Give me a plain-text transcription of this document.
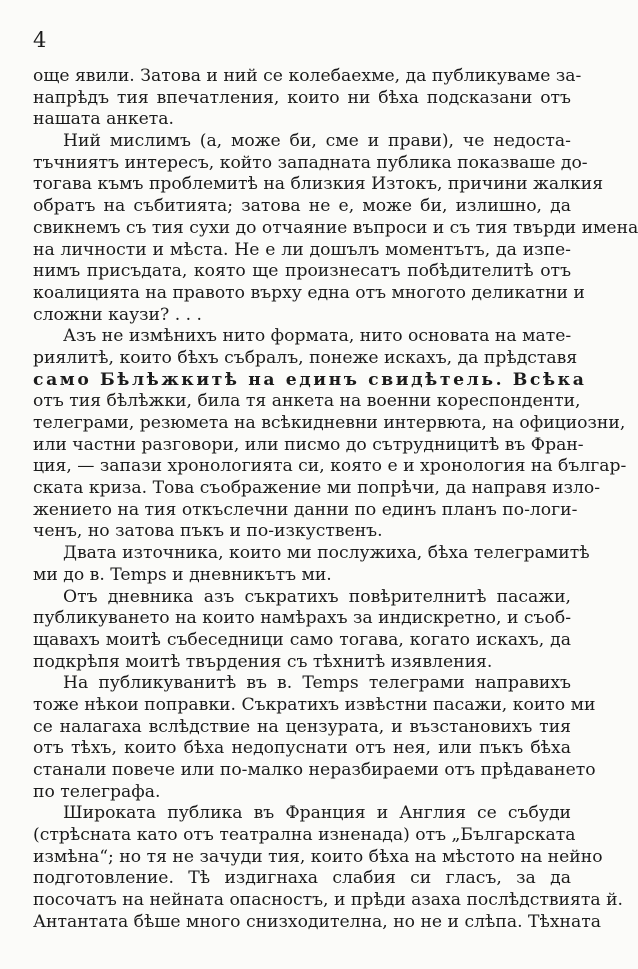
4
още явили. Затова и ний се колебаехме, да публикуваме за-
напрѣдъ тия впечатления, които ни бѣха подсказани отъ
нашата анкета.
Ний мислимъ (а, може би, сме и прави), че недоста-
тъчниятъ интересъ, който западната публика показваше до-
тогава къмъ проблемитѣ на близкия Изтокъ, причини жалкия
обратъ на събитията; затова не е, може би, излишно, да
свикнемъ съ тия сухи до отчаяние въпроси и съ тия твърди имена
на личности и мѣста. Не е ли дошълъ моментътъ, да изпе-
нимъ присъдата, която ще произнесатъ побѣдителитѣ отъ
коалицията на правото върху една отъ многото деликатни и
сложни каузи? . . .
Азъ не измѣнихъ нито формата, нито основата на мате-
риялитѣ, които бѣхъ събралъ, понеже искахъ, да прѣдставя
само Бѣлѣжкитѣ на единъ свидѣтель. Всѣка
отъ тия бѣлѣжки, била тя анкета на военни кореспонденти,
телеграми, резюмета на всѣкидневни интервюта, на официозни,
или частни разговори, или писмо до сътрудницитѣ въ Фран-
ция, — запази хронологията си, която е и хронология на българ-
ската криза. Това съображение ми попрѣчи, да направя изло-
жението на тия откъслечни данни по единъ планъ по-логи-
ченъ, но затова пъкъ и по-изкуственъ.
Двата източника, които ми послужиха, бѣха телеграмитѣ
ми до в. Temps и дневникътъ ми.
Отъ дневника азъ съкратихъ повѣрителнитѣ пасажи,
публикуването на които намѣрахъ за индискретно, и съоб-
щавахъ моитѣ събеседници само тогава, когато искахъ, да
подкрѣпя моитѣ твърдения съ тѣхнитѣ изявления.
На публикуванитѣ въ в. Temps телеграми направихъ
тоже нѣкои поправки. Съкратихъ извѣстни пасажи, които ми
се налагаха вслѣдствие на цензурата, и възстановихъ тия
отъ тѣхъ, които бѣха недопуснати отъ нея, или пъкъ бѣха
станали повече или по-малко неразбираеми отъ прѣдаването
по телеграфа.
Широката публика въ Франция и Англия се събуди
(стрѣсната като отъ театрална изненада) отъ „Българската
измѣна“; но тя не зачуди тия, които бѣха на мѣстото на нейно
подготовление. Тѣ издигнаха слабия си гласъ, за да
посочатъ на нейната опасностъ, и прѣди азаха послѣдствията й.
Антантата бѣше много снизходителна, но не и слѣпа. Тѣхната
